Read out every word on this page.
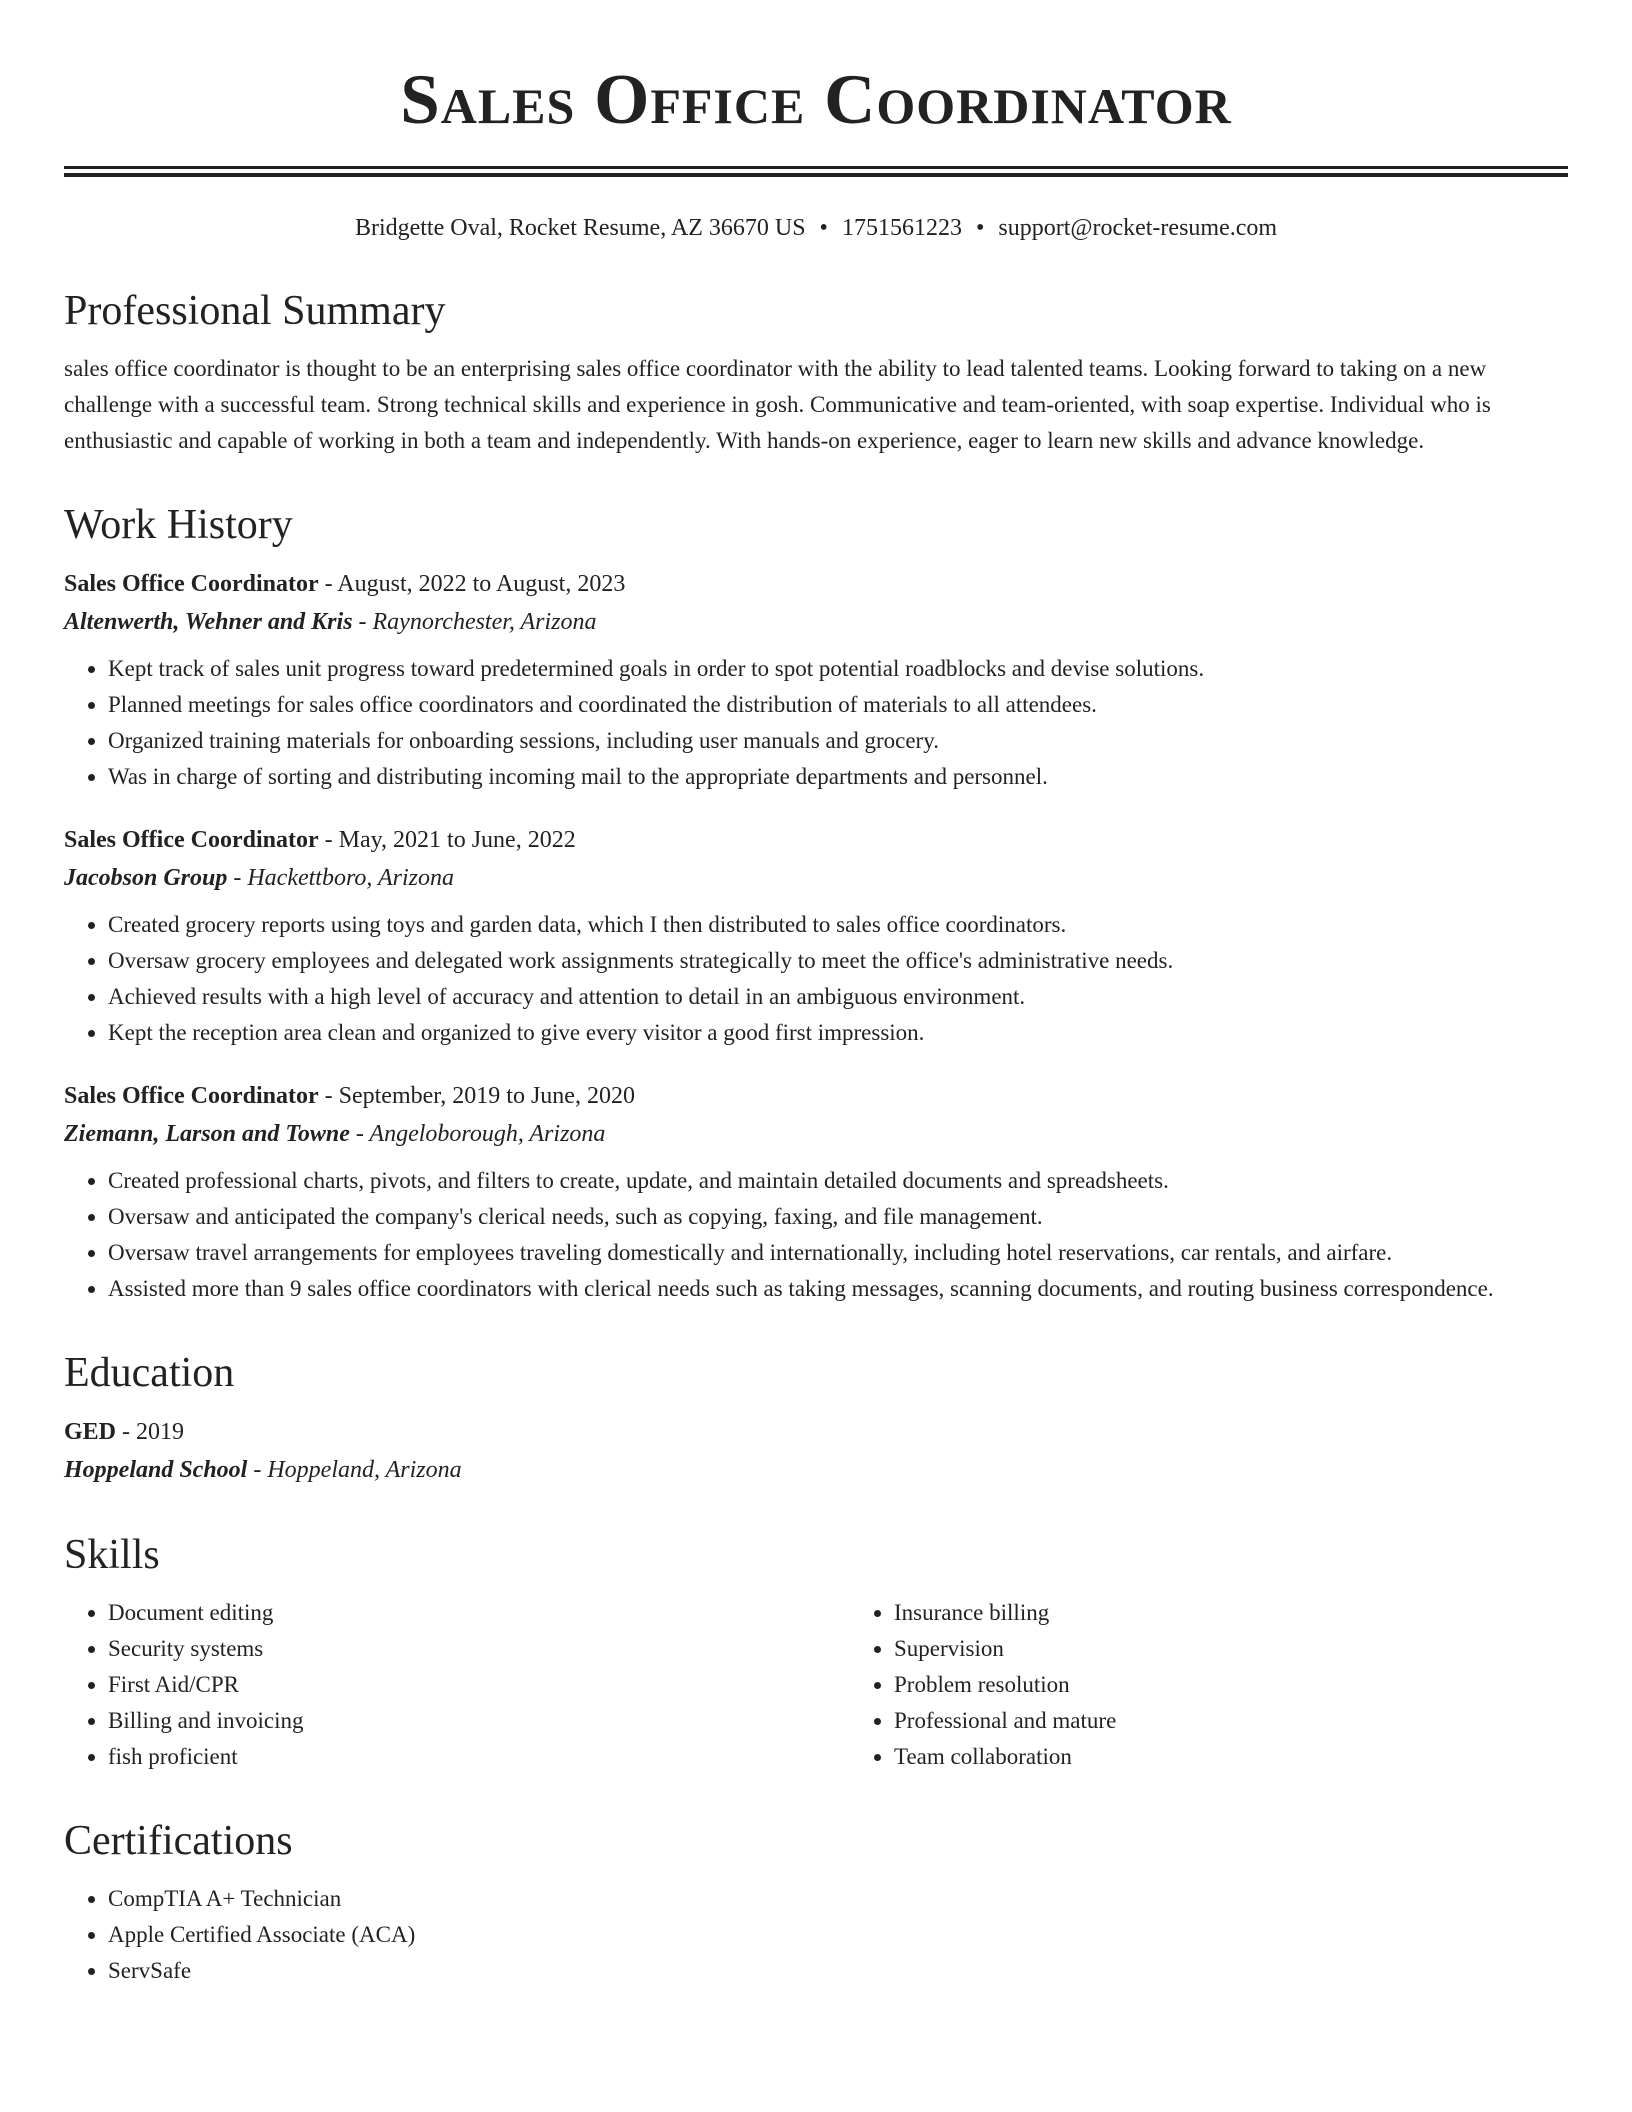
Sales Office Coordinator
Bridgette Oval, Rocket Resume, AZ 36670 US • 1751561223 • support@rocket-resume.com
Professional Summary

sales office coordinator is thought to be an enterprising sales office coordinator with the ability to lead talented teams. Looking forward to taking on a new challenge with a successful team. Strong technical skills and experience in gosh. Communicative and team-oriented, with soap expertise. Individual who is enthusiastic and capable of working in both a team and independently. With hands-on experience, eager to learn new skills and advance knowledge.

Work History

Sales Office Coordinator - August, 2022 to August, 2023

Altenwerth, Wehner and Kris - Raynorchester, Arizona

• Kept track of sales unit progress toward predetermined goals in order to spot potential roadblocks and devise solutions.
• Planned meetings for sales office coordinators and coordinated the distribution of materials to all attendees.
• Organized training materials for onboarding sessions, including user manuals and grocery.
• Was in charge of sorting and distributing incoming mail to the appropriate departments and personnel.

Sales Office Coordinator - May, 2021 to June, 2022

Jacobson Group - Hackettboro, Arizona

• Created grocery reports using toys and garden data, which I then distributed to sales office coordinators.
• Oversaw grocery employees and delegated work assignments strategically to meet the office's administrative needs.
• Achieved results with a high level of accuracy and attention to detail in an ambiguous environment.
• Kept the reception area clean and organized to give every visitor a good first impression.

Sales Office Coordinator - September, 2019 to June, 2020

Ziemann, Larson and Towne - Angeloborough, Arizona

• Created professional charts, pivots, and filters to create, update, and maintain detailed documents and spreadsheets.
• Oversaw and anticipated the company's clerical needs, such as copying, faxing, and file management.
• Oversaw travel arrangements for employees traveling domestically and internationally, including hotel reservations, car rentals, and airfare.
• Assisted more than 9 sales office coordinators with clerical needs such as taking messages, scanning documents, and routing business correspondence.
Education

GED - 2019

Hoppeland School - Hoppeland, Arizona

Skills
• Document editing
• Security systems
• First Aid/CPR
• Billing and invoicing
• fish proficient
• Insurance billing
• Supervision
• Problem resolution
• Professional and mature
• Team collaboration
Certifications
• CompTIA A+ Technician
• Apple Certified Associate (ACA)
• ServSafe
